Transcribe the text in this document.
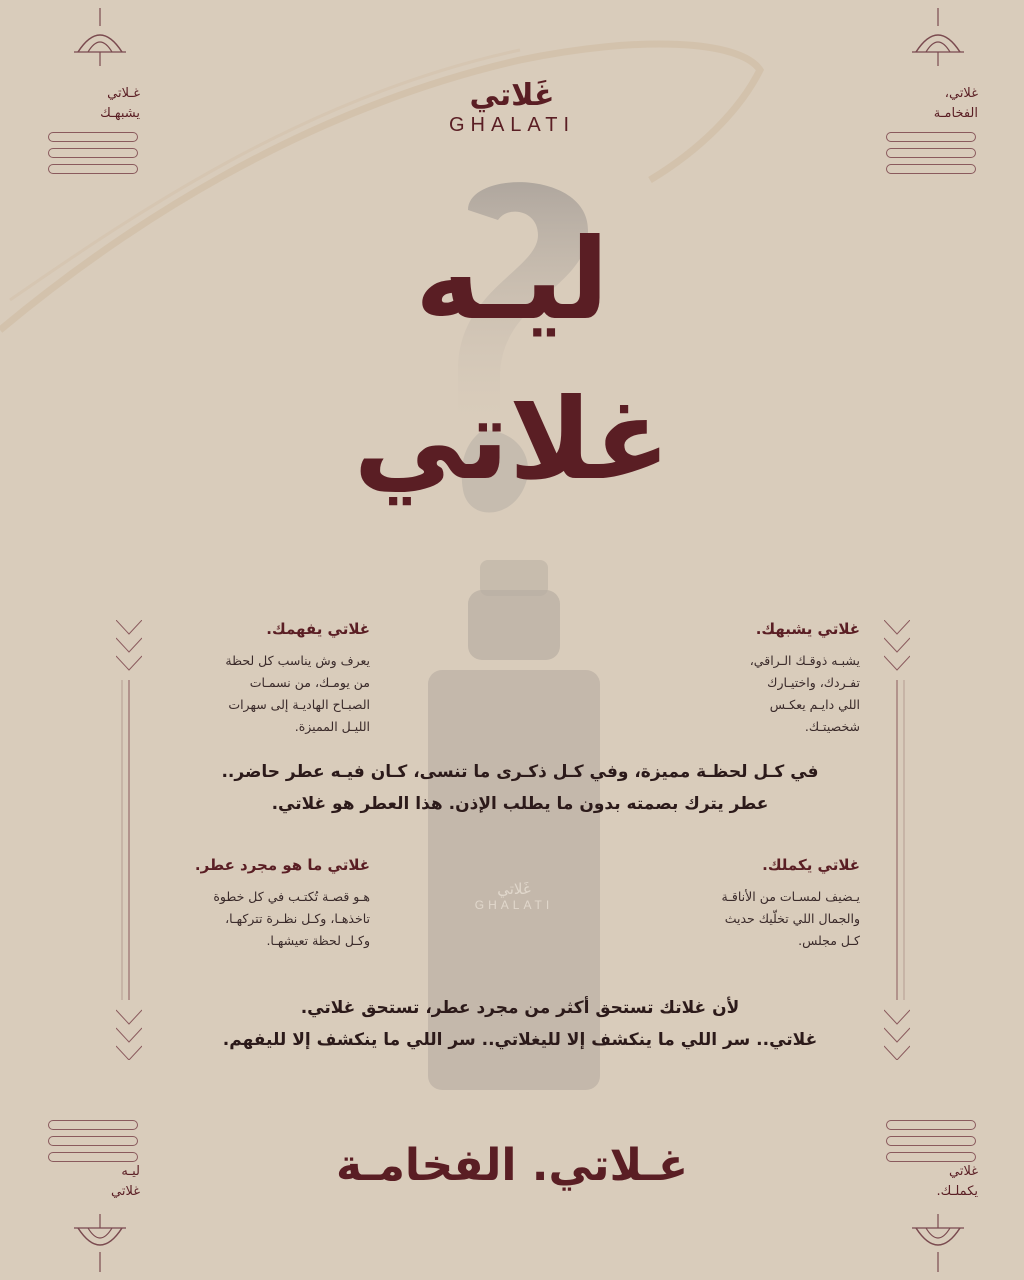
غـلاتي
يشبهـك
غلاتي،
الفخامـة
ليـه
غلاتي
غلاتي
يكملـك.
غَلاتي
GHALATI
غَلاتي
GHALATI
ليـه
غلاتي
غلاتي يشبهك.
يشبـه ذوقـك الـراقي،
تفـردك، واختيـارك
اللي دايـم يعكـس
شخصيتـك.
غلاتي يفهمك.
يعرف وش يناسب كل لحظة
من يومـك، من نسمـات
الصبـاح الهاديـة إلى سهرات
الليـل المميزة.
في كـل لحظـة مميزة، وفي كـل ذكـرى ما تنسى، كـان فيـه عطر حاضر..
عطر يترك بصمته بدون ما يطلب الإذن. هذا العطر هو غلاتي.
غلاتي يكملك.
يـضيف لمسـات من الأناقـة
والجمال اللي تخلّيك حديث
كـل مجلس.
غلاتي ما هو مجرد عطر.
هـو قصـة تُكتـب في كل خطوة
تاخذهـا، وكـل نظـرة تتركهـا،
وكـل لحظة تعيشهـا.
لأن غلاتك تستحق أكثر من مجرد عطر، تستحق غلاتي.
غلاتي.. سر اللي ما ينكشف إلا لليغلاتي.. سر اللي ما ينكشف إلا لليفهم.
غـلاتي. الفخامـة
